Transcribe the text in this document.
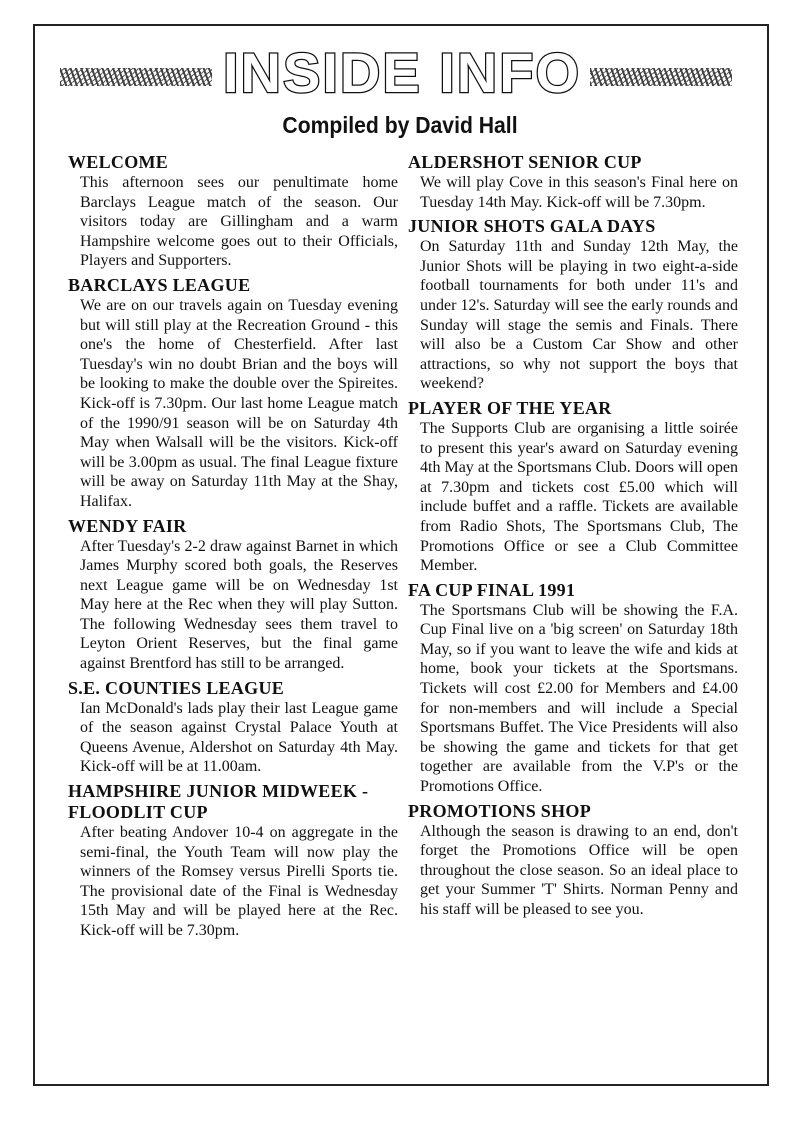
INSIDE INFO
Compiled by David Hall
WELCOME

This afternoon sees our penultimate home Barclays League match of the season. Our visitors today are Gillingham and a warm Hampshire welcome goes out to their Officials, Players and Supporters.

BARCLAYS LEAGUE

We are on our travels again on Tuesday evening but will still play at the Recreation Ground - this one's the home of Chesterfield. After last Tuesday's win no doubt Brian and the boys will be looking to make the double over the Spireites. Kick-off is 7.30pm. Our last home League match of the 1990/91 season will be on Saturday 4th May when Walsall will be the visitors. Kick-off will be 3.00pm as usual. The final League fixture will be away on Saturday 11th May at the Shay, Halifax.

WENDY FAIR

After Tuesday's 2-2 draw against Barnet in which James Murphy scored both goals, the Reserves next League game will be on Wednesday 1st May here at the Rec when they will play Sutton. The following Wednesday sees them travel to Leyton Orient Reserves, but the final game against Brentford has still to be arranged.

S.E. COUNTIES LEAGUE

Ian McDonald's lads play their last League game of the season against Crystal Palace Youth at Queens Avenue, Aldershot on Saturday 4th May. Kick-off will be at 11.00am.

HAMPSHIRE JUNIOR MIDWEEK - FLOODLIT CUP

After beating Andover 10-4 on aggregate in the semi-final, the Youth Team will now play the winners of the Romsey versus Pirelli Sports tie. The provisional date of the Final is Wednesday 15th May and will be played here at the Rec. Kick-off will be 7.30pm.

ALDERSHOT SENIOR CUP

We will play Cove in this season's Final here on Tuesday 14th May. Kick-off will be 7.30pm.

JUNIOR SHOTS GALA DAYS

On Saturday 11th and Sunday 12th May, the Junior Shots will be playing in two eight-a-side football tournaments for both under 11's and under 12's. Saturday will see the early rounds and Sunday will stage the semis and Finals. There will also be a Custom Car Show and other attractions, so why not support the boys that weekend?

PLAYER OF THE YEAR

The Supports Club are organising a little soirée to present this year's award on Saturday evening 4th May at the Sportsmans Club. Doors will open at 7.30pm and tickets cost £5.00 which will include buffet and a raffle. Tickets are available from Radio Shots, The Sportsmans Club, The Promotions Office or see a Club Committee Member.

FA CUP FINAL 1991

The Sportsmans Club will be showing the F.A. Cup Final live on a 'big screen' on Saturday 18th May, so if you want to leave the wife and kids at home, book your tickets at the Sportsmans. Tickets will cost £2.00 for Members and £4.00 for non-members and will include a Special Sportsmans Buffet. The Vice Presidents will also be showing the game and tickets for that get together are available from the V.P's or the Promotions Office.

PROMOTIONS SHOP

Although the season is drawing to an end, don't forget the Promotions Office will be open throughout the close season. So an ideal place to get your Summer 'T' Shirts. Norman Penny and his staff will be pleased to see you.
